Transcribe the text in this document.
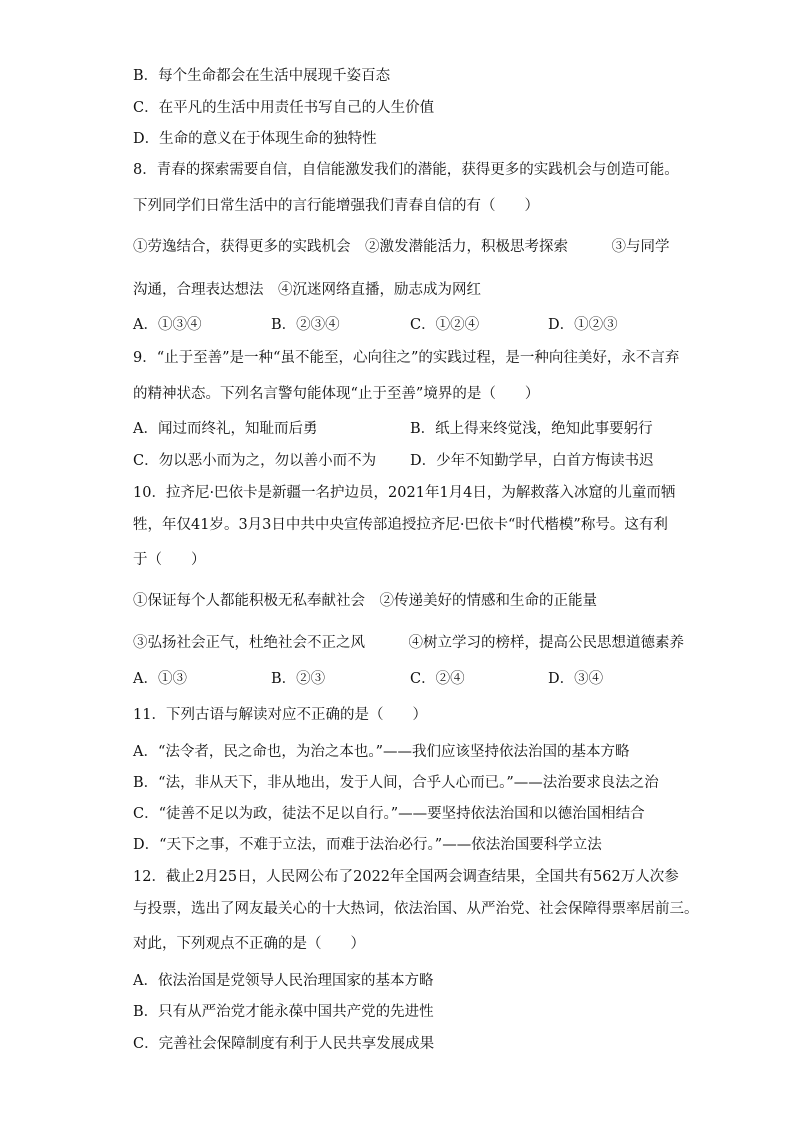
B．每个生命都会在生活中展现千姿百态
C．在平凡的生活中用责任书写自己的人生价值
D．生命的意义在于体现生命的独特性
8．青春的探索需要自信，自信能激发我们的潜能，获得更多的实践机会与创造可能。
下列同学们日常生活中的言行能增强我们青春自信的有（　　）
①劳逸结合，获得更多的实践机会　②激发潜能活力，积极思考探索　　　③与同学
沟通，合理表达想法　④沉迷网络直播，励志成为网红
A．①③④	B．②③④	C．①②④	D．①②③
9．“止于至善”是一种“虽不能至，心向往之”的实践过程，是一种向往美好，永不言弃
的精神状态。下列名言警句能体现“止于至善”境界的是（　　）
A．闻过而终礼，知耻而后勇	B．纸上得来终觉浅，绝知此事要躬行
C．勿以恶小而为之，勿以善小而不为 D．少年不知勤学早，白首方悔读书迟
10．拉齐尼·巴依卡是新疆一名护边员，2021年1月4日，为解救落入冰窟的儿童而牺
牲，年仅41岁。3月3日中共中央宣传部追授拉齐尼·巴依卡“时代楷模”称号。这有利
于（　　）
①保证每个人都能积极无私奉献社会　②传递美好的情感和生命的正能量
③弘扬社会正气，杜绝社会不正之风　　　④树立学习的榜样，提高公民思想道德素养
A．①③	B．②③	C．②④	D．③④
11．下列古语与解读对应不正确的是（　　）
A．“法令者，民之命也，为治之本也。”——我们应该坚持依法治国的基本方略
B．“法，非从天下，非从地出，发于人间，合乎人心而已。”——法治要求良法之治
C．“徒善不足以为政，徒法不足以自行。”——要坚持依法治国和以德治国相结合
D．“天下之事，不难于立法，而难于法治必行。”——依法治国要科学立法
12．截止2月25日，人民网公布了2022年全国两会调查结果，全国共有562万人次参
与投票，选出了网友最关心的十大热词，依法治国、从严治党、社会保障得票率居前三。
对此，下列观点不正确的是（　　）
A．依法治国是党领导人民治理国家的基本方略
B．只有从严治党才能永葆中国共产党的先进性
C．完善社会保障制度有利于人民共享发展成果
